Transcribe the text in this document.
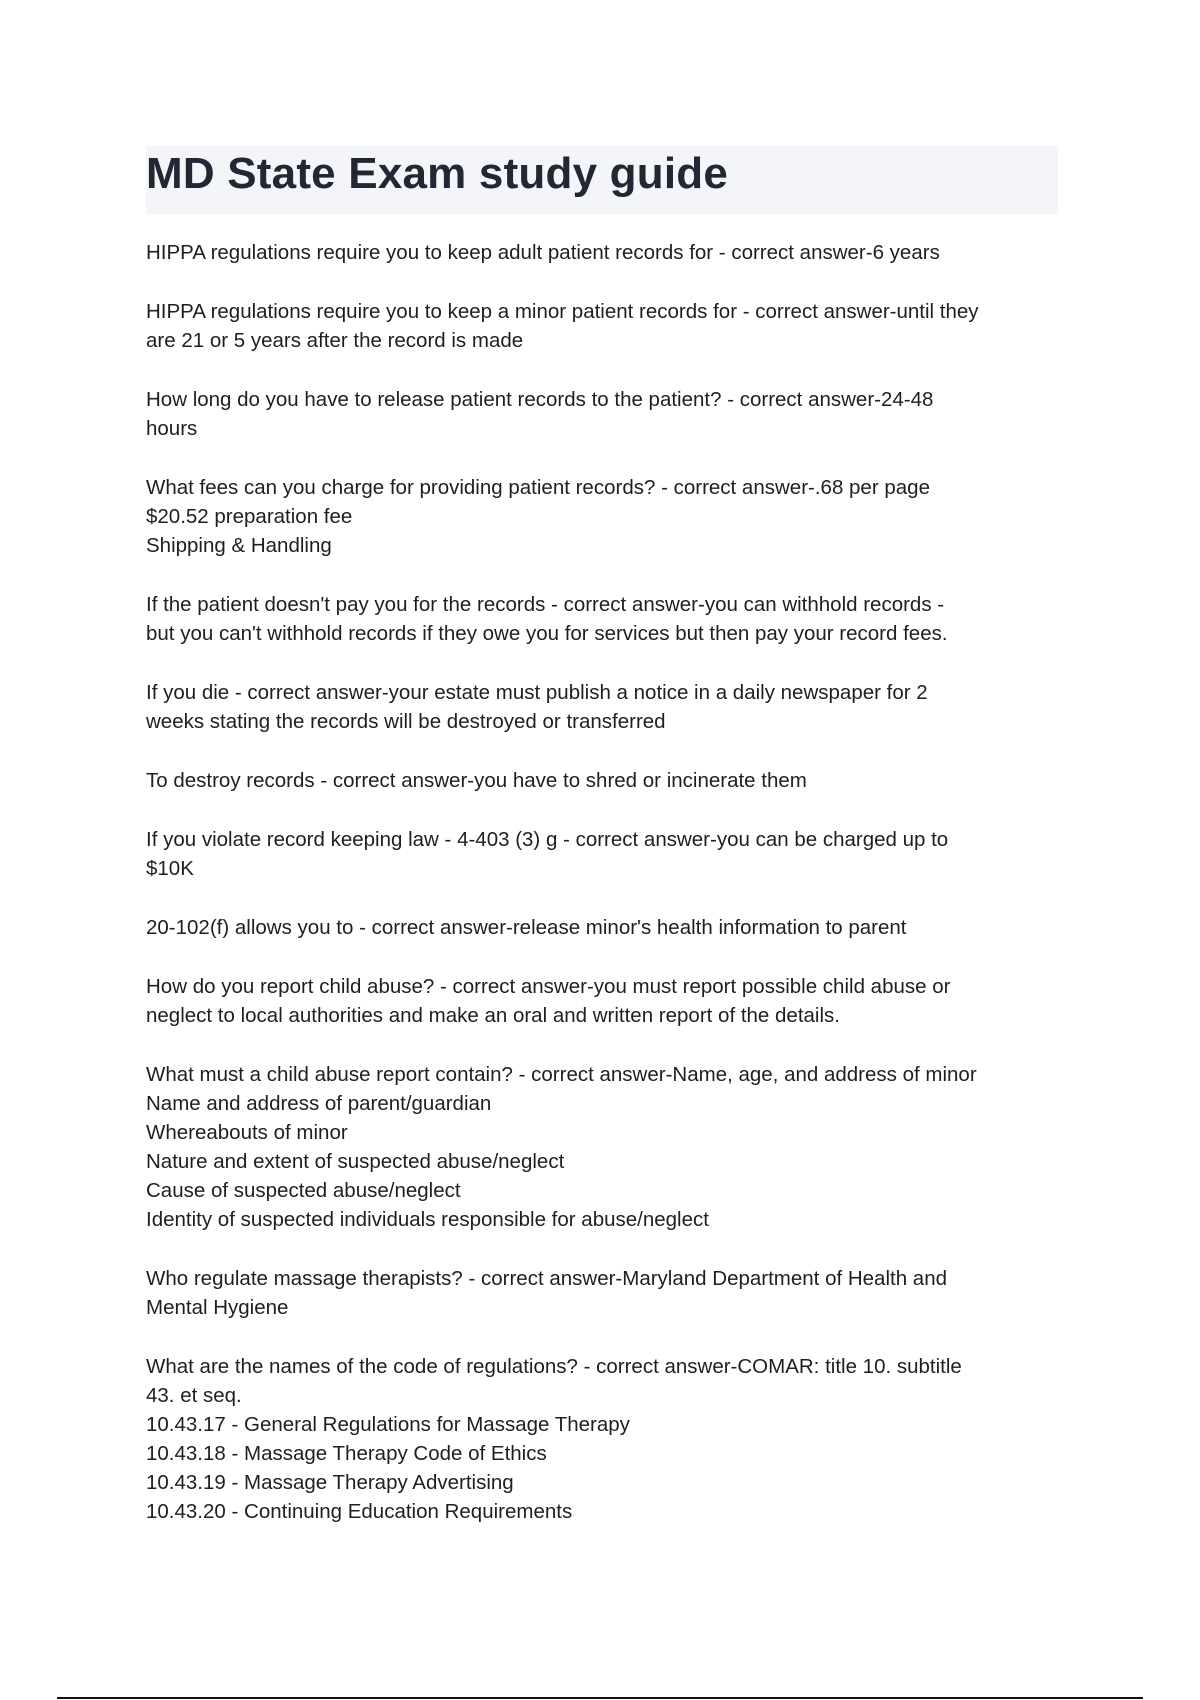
MD State Exam study guide

HIPPA regulations require you to keep adult patient records for - correct answer-6 years

HIPPA regulations require you to keep a minor patient records for - correct answer-until they
are 21 or 5 years after the record is made

How long do you have to release patient records to the patient? - correct answer-24-48
hours

What fees can you charge for providing patient records? - correct answer-.68 per page
$20.52 preparation fee
Shipping & Handling

If the patient doesn't pay you for the records - correct answer-you can withhold records -
but you can't withhold records if they owe you for services but then pay your record fees.

If you die - correct answer-your estate must publish a notice in a daily newspaper for 2
weeks stating the records will be destroyed or transferred

To destroy records - correct answer-you have to shred or incinerate them

If you violate record keeping law - 4-403 (3) g - correct answer-you can be charged up to
$10K

20-102(f) allows you to - correct answer-release minor's health information to parent

How do you report child abuse? - correct answer-you must report possible child abuse or
neglect to local authorities and make an oral and written report of the details.

What must a child abuse report contain? - correct answer-Name, age, and address of minor
Name and address of parent/guardian
Whereabouts of minor
Nature and extent of suspected abuse/neglect
Cause of suspected abuse/neglect
Identity of suspected individuals responsible for abuse/neglect

Who regulate massage therapists? - correct answer-Maryland Department of Health and
Mental Hygiene

What are the names of the code of regulations? - correct answer-COMAR: title 10. subtitle
43. et seq.
10.43.17 - General Regulations for Massage Therapy
10.43.18 - Massage Therapy Code of Ethics
10.43.19 - Massage Therapy Advertising
10.43.20 - Continuing Education Requirements
